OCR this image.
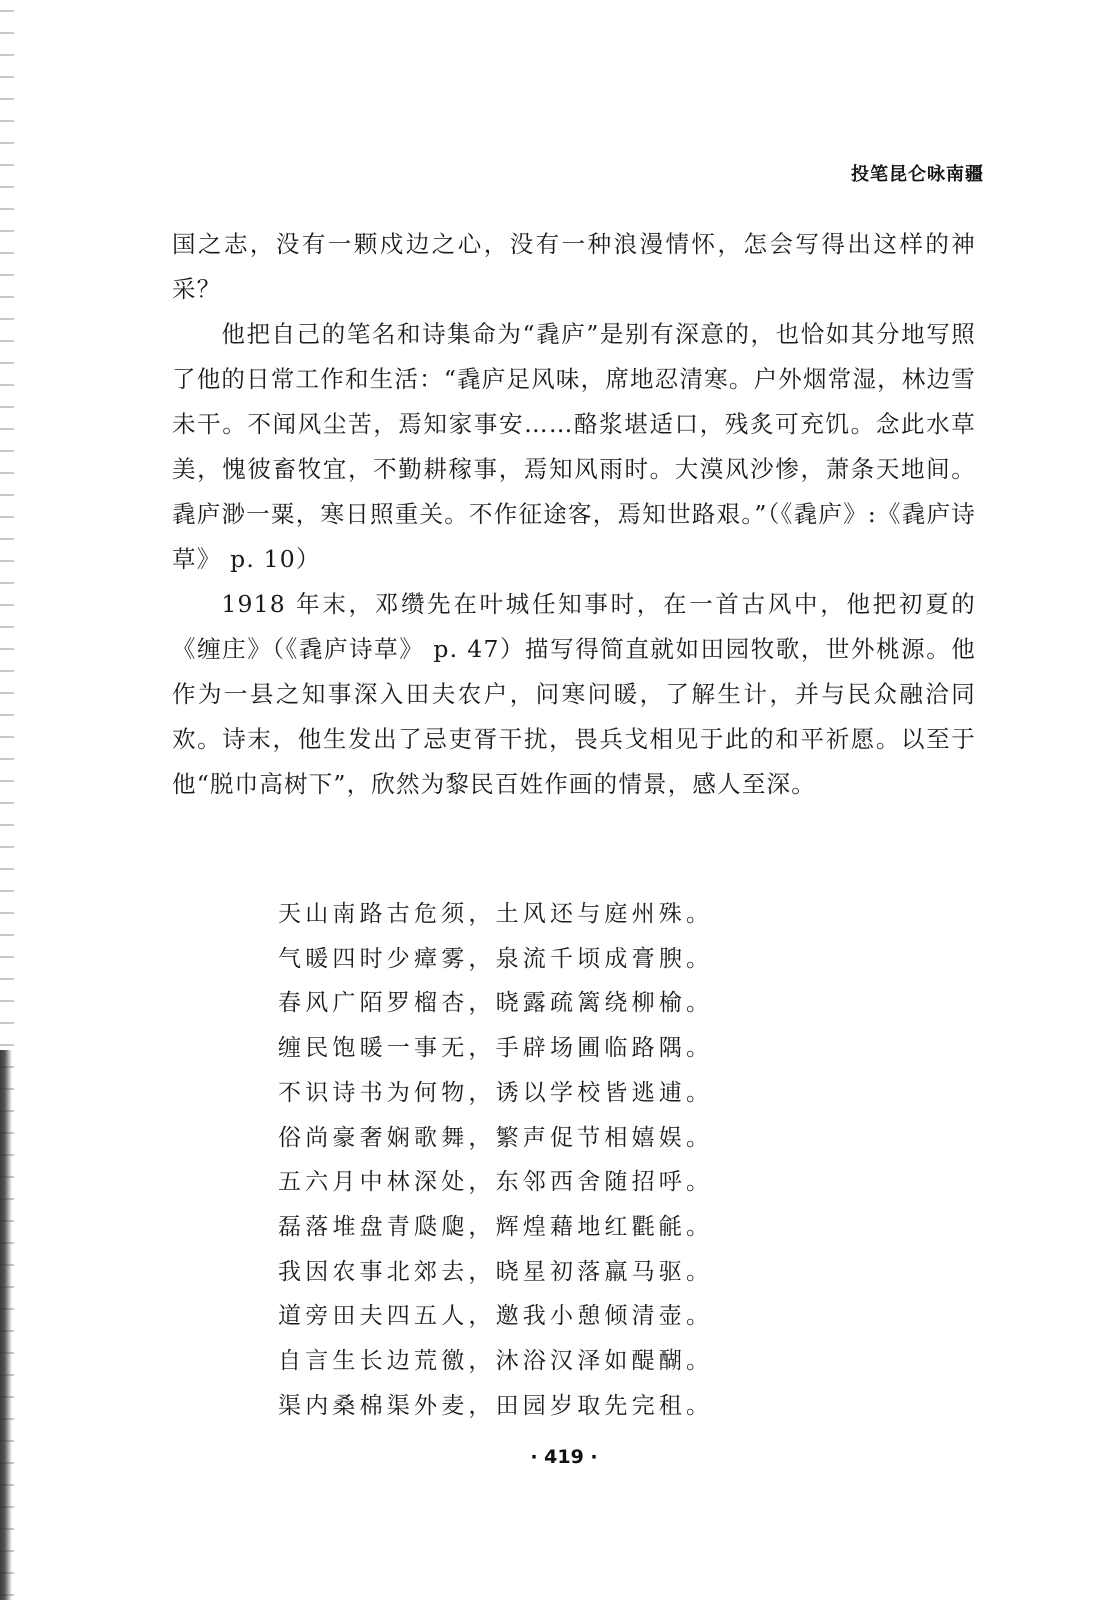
投笔昆仑咏南疆

国之志，没有一颗戍边之心，没有一种浪漫情怀，怎会写得出这样的神采？

他把自己的笔名和诗集命为“毳庐”是别有深意的，也恰如其分地写照了他的日常工作和生活：“毳庐足风味，席地忍清寒。户外烟常湿，林边雪未干。不闻风尘苦，焉知家事安……酪浆堪适口，残炙可充饥。念此水草美，愧彼畜牧宜，不勤耕稼事，焉知风雨时。大漠风沙惨，萧条天地间。毳庐渺一粟，寒日照重关。不作征途客，焉知世路艰。”（《毳庐》:《毳庐诗草》 p. 10）

1918 年末，邓缵先在叶城任知事时，在一首古风中，他把初夏的《缠庄》（《毳庐诗草》 p. 47）描写得简直就如田园牧歌，世外桃源。他作为一县之知事深入田夫农户，问寒问暖，了解生计，并与民众融洽同欢。诗末，他生发出了忌吏胥干扰，畏兵戈相见于此的和平祈愿。以至于他“脱巾高树下”，欣然为黎民百姓作画的情景，感人至深。

天山南路古危须，土风还与庭州殊。
气暖四时少瘴雾，泉流千顷成膏腴。
春风广陌罗榴杏，晓露疏篱绕柳榆。
缠民饱暖一事无，手辟场圃临路隅。
不识诗书为何物，诱以学校皆逃逋。
俗尚豪奢娴歌舞，繁声促节相嬉娱。
五六月中林深处，东邻西舍随招呼。
磊落堆盘青瓞瓟，辉煌藉地红氍毹。
我因农事北郊去，晓星初落羸马驱。
道旁田夫四五人，邀我小憩倾清壶。
自言生长边荒徼，沐浴汉泽如醍醐。
渠内桑棉渠外麦，田园岁取先完租。
· 419 ·
